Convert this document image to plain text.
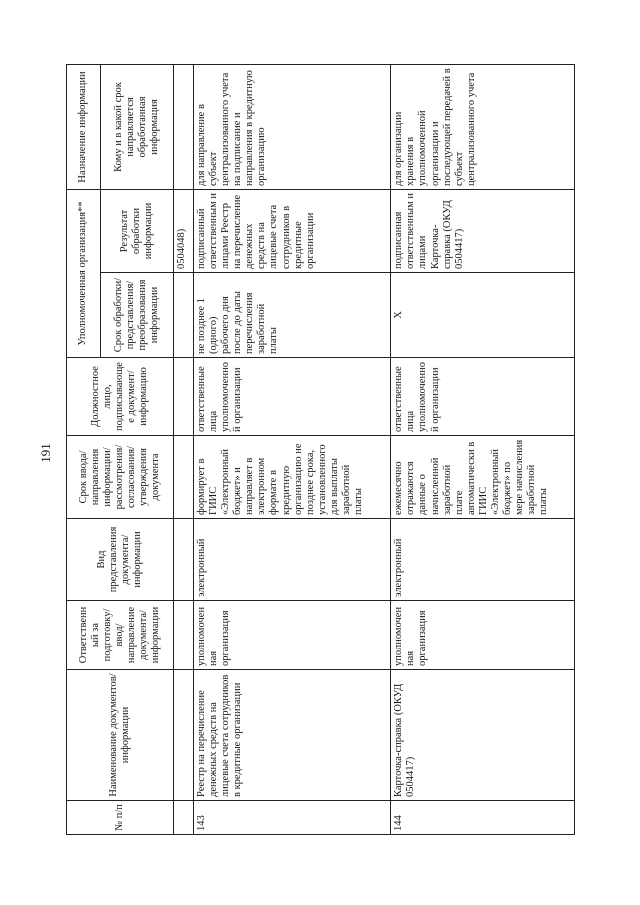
191
№ п/п	Наименование документов/информации	Ответственный за подготовку/ ввод/ направление документа/ информации	Вид представления документа/ информации	Срок ввода/ направления информации/ рассмотрения/ согласования/ утверждения документа	Должностное лицо, подписывающее документ/ информацию	Уполномоченная организация**		Назначение информации
						Срок обработки/ представления/ преобразования информации	Результат обработки информации	Кому и в какой срок направляется обработанная информация
							0504048)	
143	Реестр на перечисление денежных средств на лицевые счета сотрудников в кредитные организации	уполномоченная организация	электронный	формирует в ГИИС «Электронный бюджет» и направляет в электронном формате в кредитную организацию не позднее срока, установленного для выплаты заработной платы	ответственные лица уполномоченной организации	не позднее 1 (одного) рабочего дня после до даты перечисления заработной платы	подписанный ответственным и лицами Реестр на перечисление денежных средств на лицевые счета сотрудников в кредитные организации	для направление в субъект централизованного учета на подписание и направления в кредитную организацию
144	Карточка-справка (ОКУД 0504417)	уполномоченная организация	электронный	ежемесячно отражаются данные о начисленной заработной плате автоматически в ГИИС «Электронный бюджет» по мере начисления заработной платы	ответственные лица уполномоченной организации	Х	подписанная ответственным и лицами Карточка-справка (ОКУД 0504417)	для организации хранения в уполномоченной организации и последующей передачей в субъект централизованного учета
